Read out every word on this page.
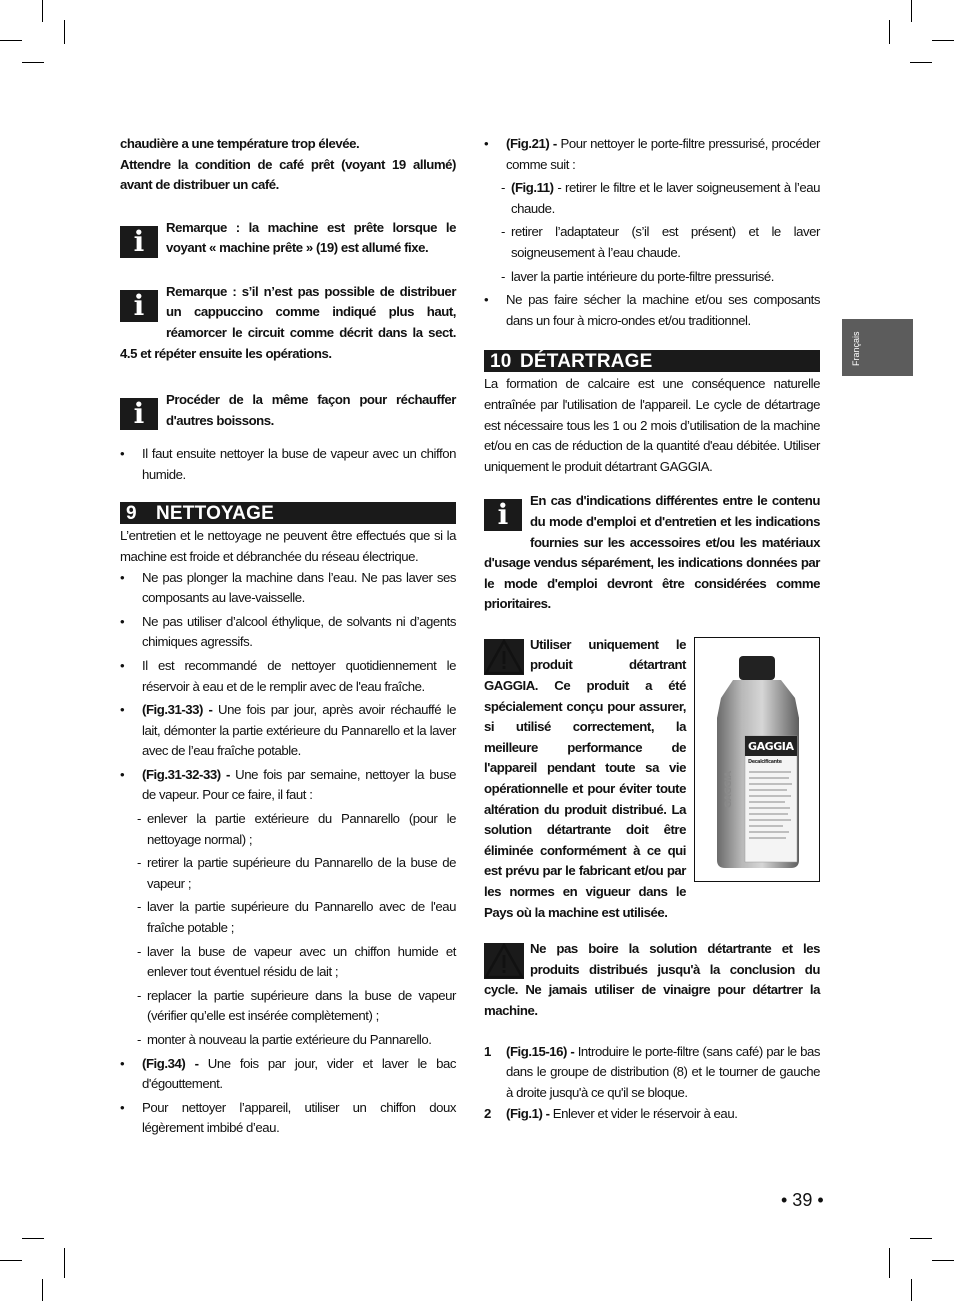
Français

chaudière a une température trop élevée.

Attendre la condition de café prêt (voyant 19 allumé) avant de distribuer un café.

i	Remarque : la machine est prête lorsque le voyant « machine prête » (19) est allumé fixe.
i	Remarque : s’il n’est pas possible de distribuer un cappuccino comme indiqué plus haut, réamorcer le circuit comme décrit dans la sect. 4.5 et répéter ensuite les opérations.
i	Procéder de la même façon pour réchauffer d'autres boissons.
• Il faut ensuite nettoyer la buse de vapeur avec un chiffon humide.
9 NETTOYAGE

L’entretien et le nettoyage ne peuvent être effectués que si la machine est froide et débranchée du réseau électrique.

• Ne pas plonger la machine dans l’eau. Ne pas laver ses composants au lave-vaisselle.
• Ne pas utiliser d’alcool éthylique, de solvants ni d’agents chimiques agressifs.
• Il est recommandé de nettoyer quotidiennement le réservoir à eau et de le remplir avec de l'eau fraîche.
• (Fig.31-33) - Une fois par jour, après avoir réchauffé le lait, démonter la partie extérieure du Pannarello et la laver avec de l’eau fraîche potable.
• (Fig.31-32-33) - Une fois par semaine, nettoyer la buse de vapeur. Pour ce faire, il faut :
- enlever la partie extérieure du Pannarello (pour le nettoyage normal) ;
- retirer la partie supérieure du Pannarello de la buse de vapeur ;
- laver la partie supérieure du Pannarello avec de l'eau fraîche potable ;
- laver la buse de vapeur avec un chiffon humide et enlever tout éventuel résidu de lait ;
- replacer la partie supérieure dans la buse de vapeur (vérifier qu’elle est insérée complètement) ;
- monter à nouveau la partie extérieure du Pannarello.
• (Fig.34) - Une fois par jour, vider et laver le bac d'égouttement.
• Pour nettoyer l’appareil, utiliser un chiffon doux légèrement imbibé d’eau.
• (Fig.21) - Pour nettoyer le porte-filtre pressurisé, procéder comme suit :
- (Fig.11) - retirer le filtre et le laver soigneusement à l’eau chaude.
- retirer l’adaptateur (s’il est présent) et le laver soigneusement à l’eau chaude.
- laver la partie intérieure du porte-filtre pressurisé.
• Ne pas faire sécher la machine et/ou ses composants dans un four à micro-ondes et/ou traditionnel.
10 DÉTARTRAGE

La formation de calcaire est une conséquence naturelle entraînée par l'utilisation de l'appareil. Le cycle de détartrage est nécessaire tous les 1 ou 2 mois d’utilisation de la machine et/ou en cas de réduction de la quantité d'eau débitée. Utiliser uniquement le produit détartrant GAGGIA.

i	En cas d'indications différentes entre le contenu du mode d'emploi et d'entretien et les indications fournies sur les accessoires et/ou les matériaux d'usage vendus séparément, les indications données par le mode d'emploi devront être considérées comme prioritaires.
GAGGIA
Decalcificante
GAGGIA
Utiliser uniquement le produit détartrant GAGGIA. Ce produit a été spécialement conçu pour assurer, si utilisé correctement, la meilleure performance de l'appareil pendant toute sa vie opérationnelle et pour éviter toute altération du produit distribué. La solution détartrante doit être éliminée conformément à ce qui est prévu par le fabricant et/ou par les normes en vigueur dans le Pays où la machine est utilisée.
Ne pas boire la solution détartrante et les produits distribués jusqu'à la conclusion du cycle. Ne jamais utiliser de vinaigre pour détartrer la machine.
1 (Fig.15-16) - Introduire le porte-filtre (sans café) par le bas dans le groupe de distribution (8) et le tourner de gauche à droite jusqu'à ce qu'il se bloque.
2 (Fig.1) - Enlever et vider le réservoir à eau.
• 39 •
